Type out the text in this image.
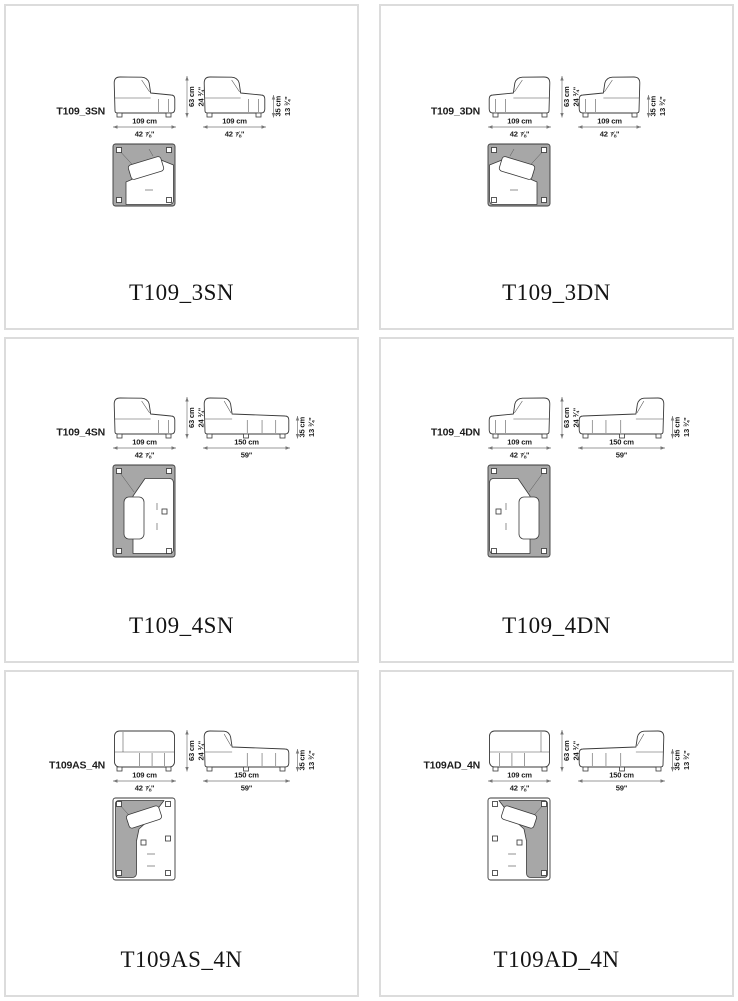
T109_3SN
109 cm
42 ⅞"
109 cm
42 ⅞"
63 cm 24 ¾"	35 cm 13 ¾"
T109_3SN
T109_3DN
109 cm
42 ⅞"
109 cm
42 ⅞"
63 cm 24 ¾"	35 cm 13 ¾"
T109_3DN
T109_4SN
109 cm
42 ⅞"
150 cm
59"
63 cm 24 ¾"	35 cm 13 ¾"
T109_4SN
T109_4DN
109 cm
42 ⅞"
150 cm
59"
63 cm 24 ¾"	35 cm 13 ¾"
T109_4DN
T109AS_4N
109 cm
42 ⅞"
150 cm
59"
63 cm 24 ¾"	35 cm 13 ¾"
T109AS_4N
T109AD_4N
109 cm
42 ⅞"
150 cm
59"
63 cm 24 ¾"	35 cm 13 ¾"
T109AD_4N
